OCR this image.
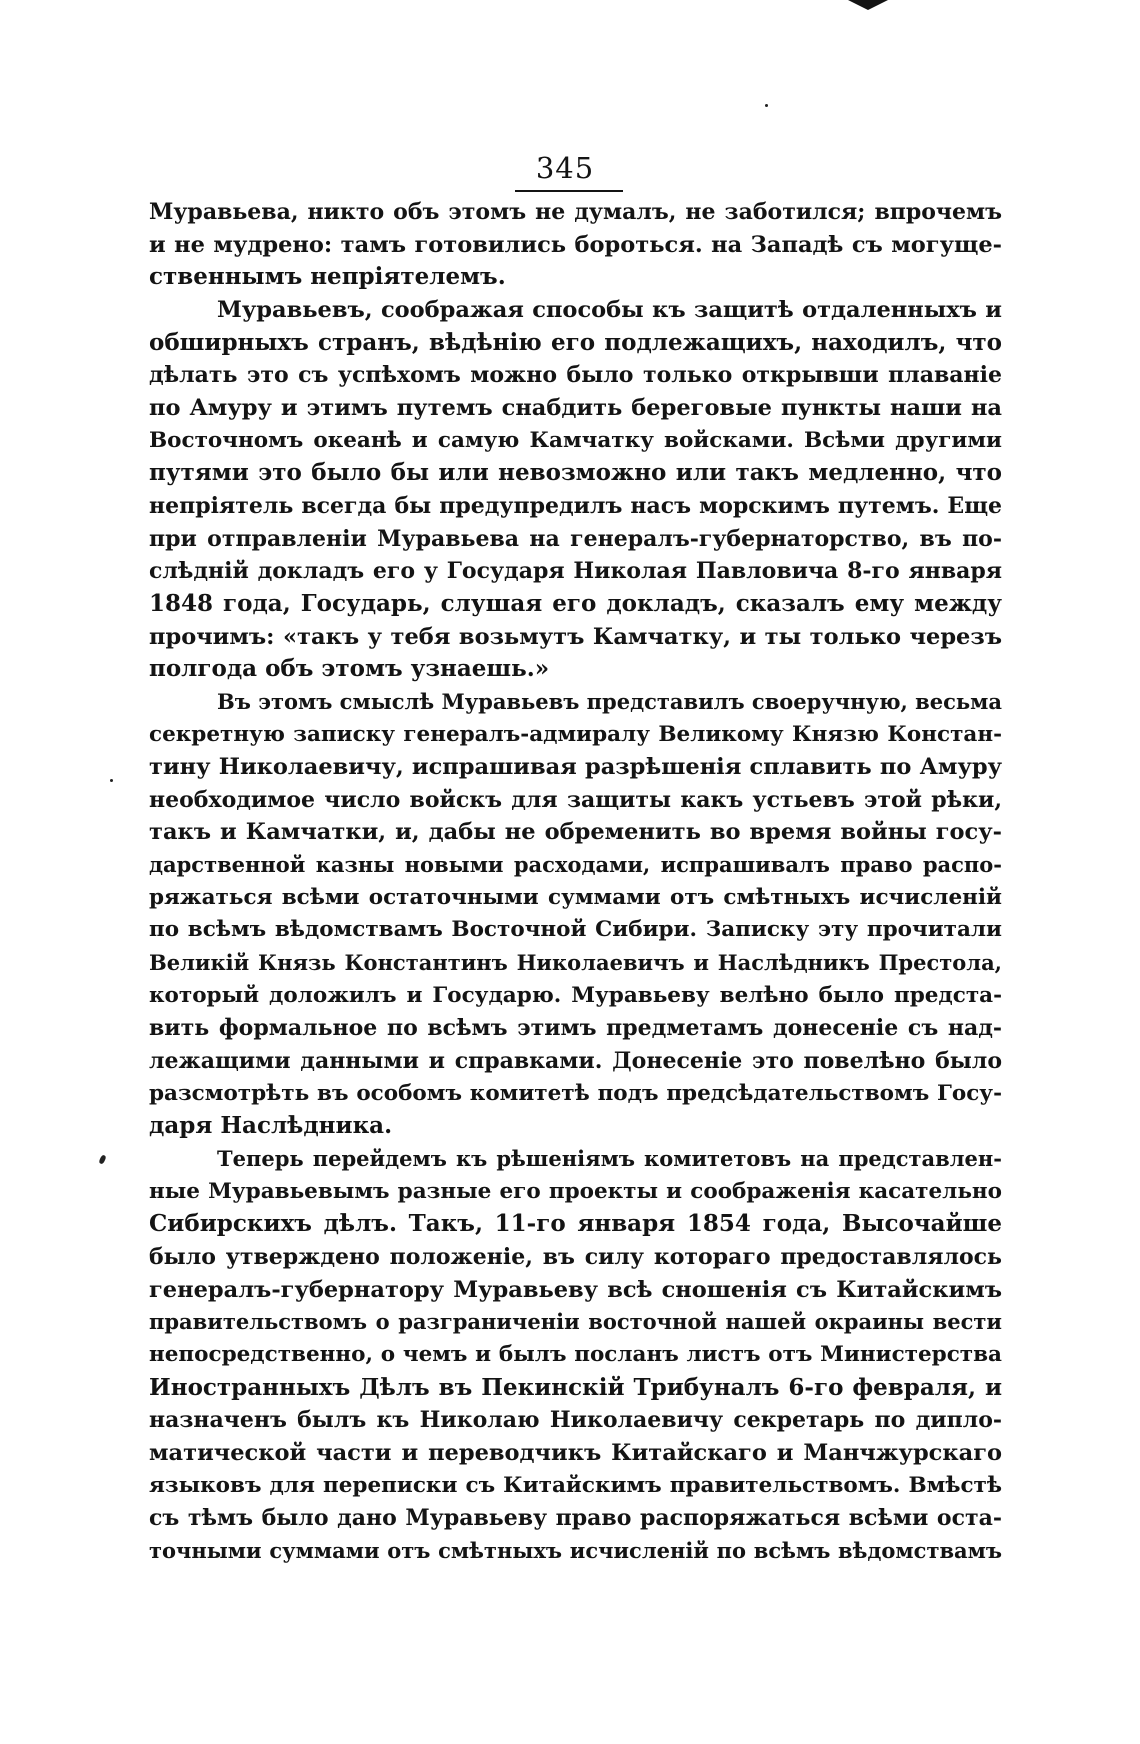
345
Муравьева, никто объ этомъ не думалъ, не заботился; впрочемъ
и не мудрено: тамъ готовились бороться. на Западѣ съ могуще-
ственнымъ непріятелемъ.
Муравьевъ, соображая способы къ защитѣ отдаленныхъ и
обширныхъ странъ, вѣдѣнію его подлежащихъ, находилъ, что
дѣлать это съ успѣхомъ можно было только открывши плаваніе
по Амуру и этимъ путемъ снабдить береговые пункты наши на
Восточномъ океанѣ и самую Камчатку войсками. Всѣми другими
путями это было бы или невозможно или такъ медленно, что
непріятель всегда бы предупредилъ насъ морскимъ путемъ. Еще
при отправленіи Муравьева на генералъ-губернаторство, въ по-
слѣдній докладъ его у Государя Николая Павловича 8-го января
1848 года, Государь, слушая его докладъ, сказалъ ему между
прочимъ: «такъ у тебя возьмутъ Камчатку, и ты только черезъ
полгода объ этомъ узнаешь.»
Въ этомъ смыслѣ Муравьевъ представилъ своеручную, весьма
секретную записку генералъ-адмиралу Великому Князю Констан-
тину Николаевичу, испрашивая разрѣшенія сплавить по Амуру
необходимое число войскъ для защиты какъ устьевъ этой рѣки,
такъ и Камчатки, и, дабы не обременить во время войны госу-
дарственной казны новыми расходами, испрашивалъ право распо-
ряжаться всѣми остаточными суммами отъ смѣтныхъ исчисленій
по всѣмъ вѣдомствамъ Восточной Сибири. Записку эту прочитали
Великій Князь Константинъ Николаевичъ и Наслѣдникъ Престола,
который доложилъ и Государю. Муравьеву велѣно было предста-
вить формальное по всѣмъ этимъ предметамъ донесеніе съ над-
лежащими данными и справками. Донесеніе это повелѣно было
разсмотрѣть въ особомъ комитетѣ подъ предсѣдательствомъ Госу-
даря Наслѣдника.
Теперь перейдемъ къ рѣшеніямъ комитетовъ на представлен-
ные Муравьевымъ разные его проекты и соображенія касательно
Сибирскихъ дѣлъ. Такъ, 11-го января 1854 года, Высочайше
было утверждено положеніе, въ силу котораго предоставлялось
генералъ-губернатору Муравьеву всѣ сношенія съ Китайскимъ
правительствомъ о разграниченіи восточной нашей окраины вести
непосредственно, о чемъ и былъ посланъ листъ отъ Министерства
Иностранныхъ Дѣлъ въ Пекинскій Трибуналъ 6-го февраля, и
назначенъ былъ къ Николаю Николаевичу секретарь по дипло-
матической части и переводчикъ Китайскаго и Манчжурскаго
языковъ для переписки съ Китайскимъ правительствомъ. Вмѣстѣ
съ тѣмъ было дано Муравьеву право распоряжаться всѣми оста-
точными суммами отъ смѣтныхъ исчисленій по всѣмъ вѣдомствамъ
